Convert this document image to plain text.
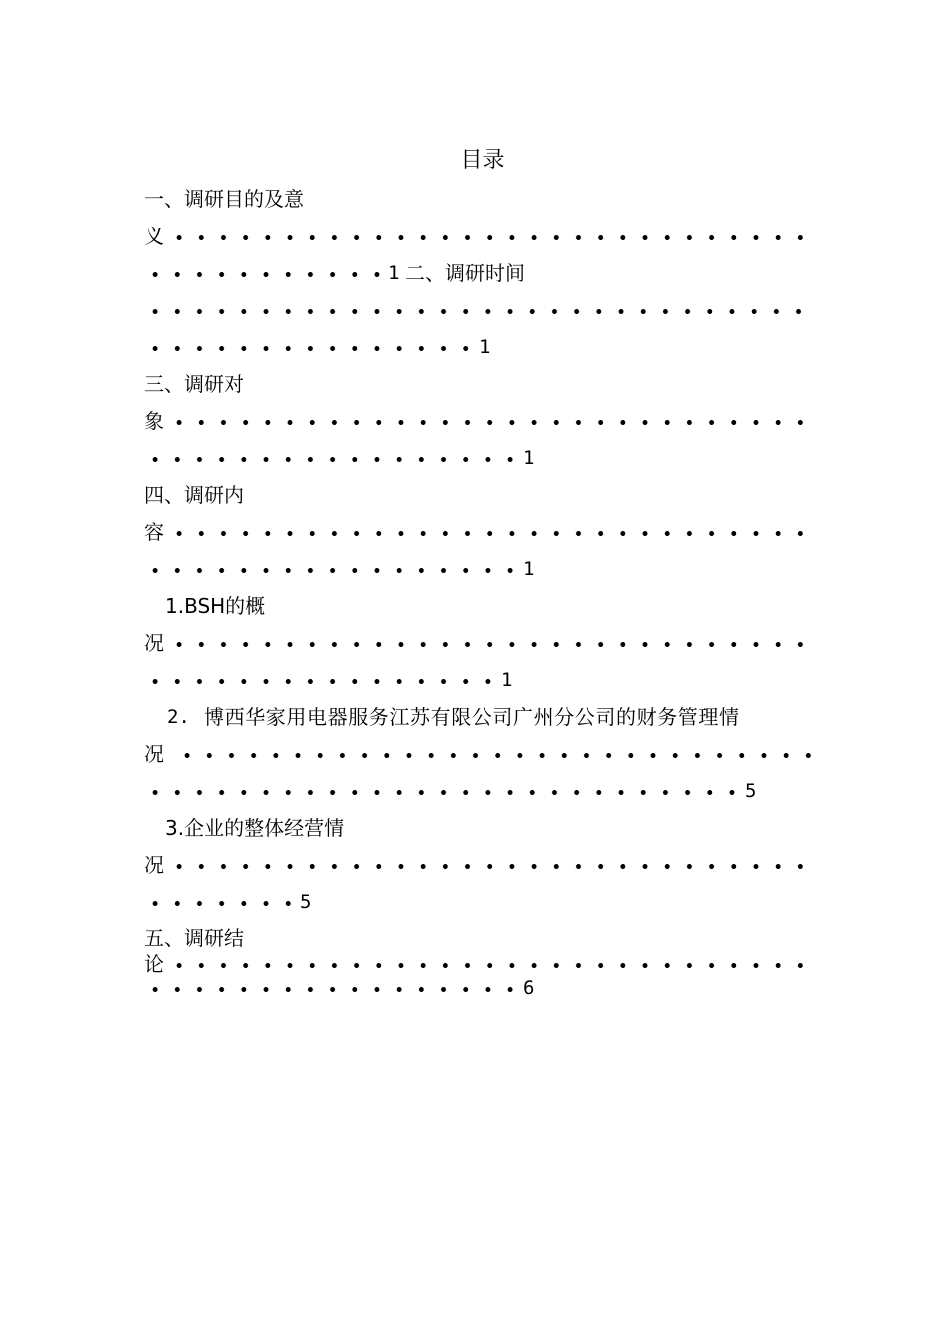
目录
一、调研目的及意
义
1 二、调研时间
1
三、调研对
象
1
四、调研内
容
1
1.BSH的概
况
1
2. 博西华家用电器服务江苏有限公司广州分公司的财务管理情
况
5
3.企业的整体经营情
况
5
五、调研结
论
6
